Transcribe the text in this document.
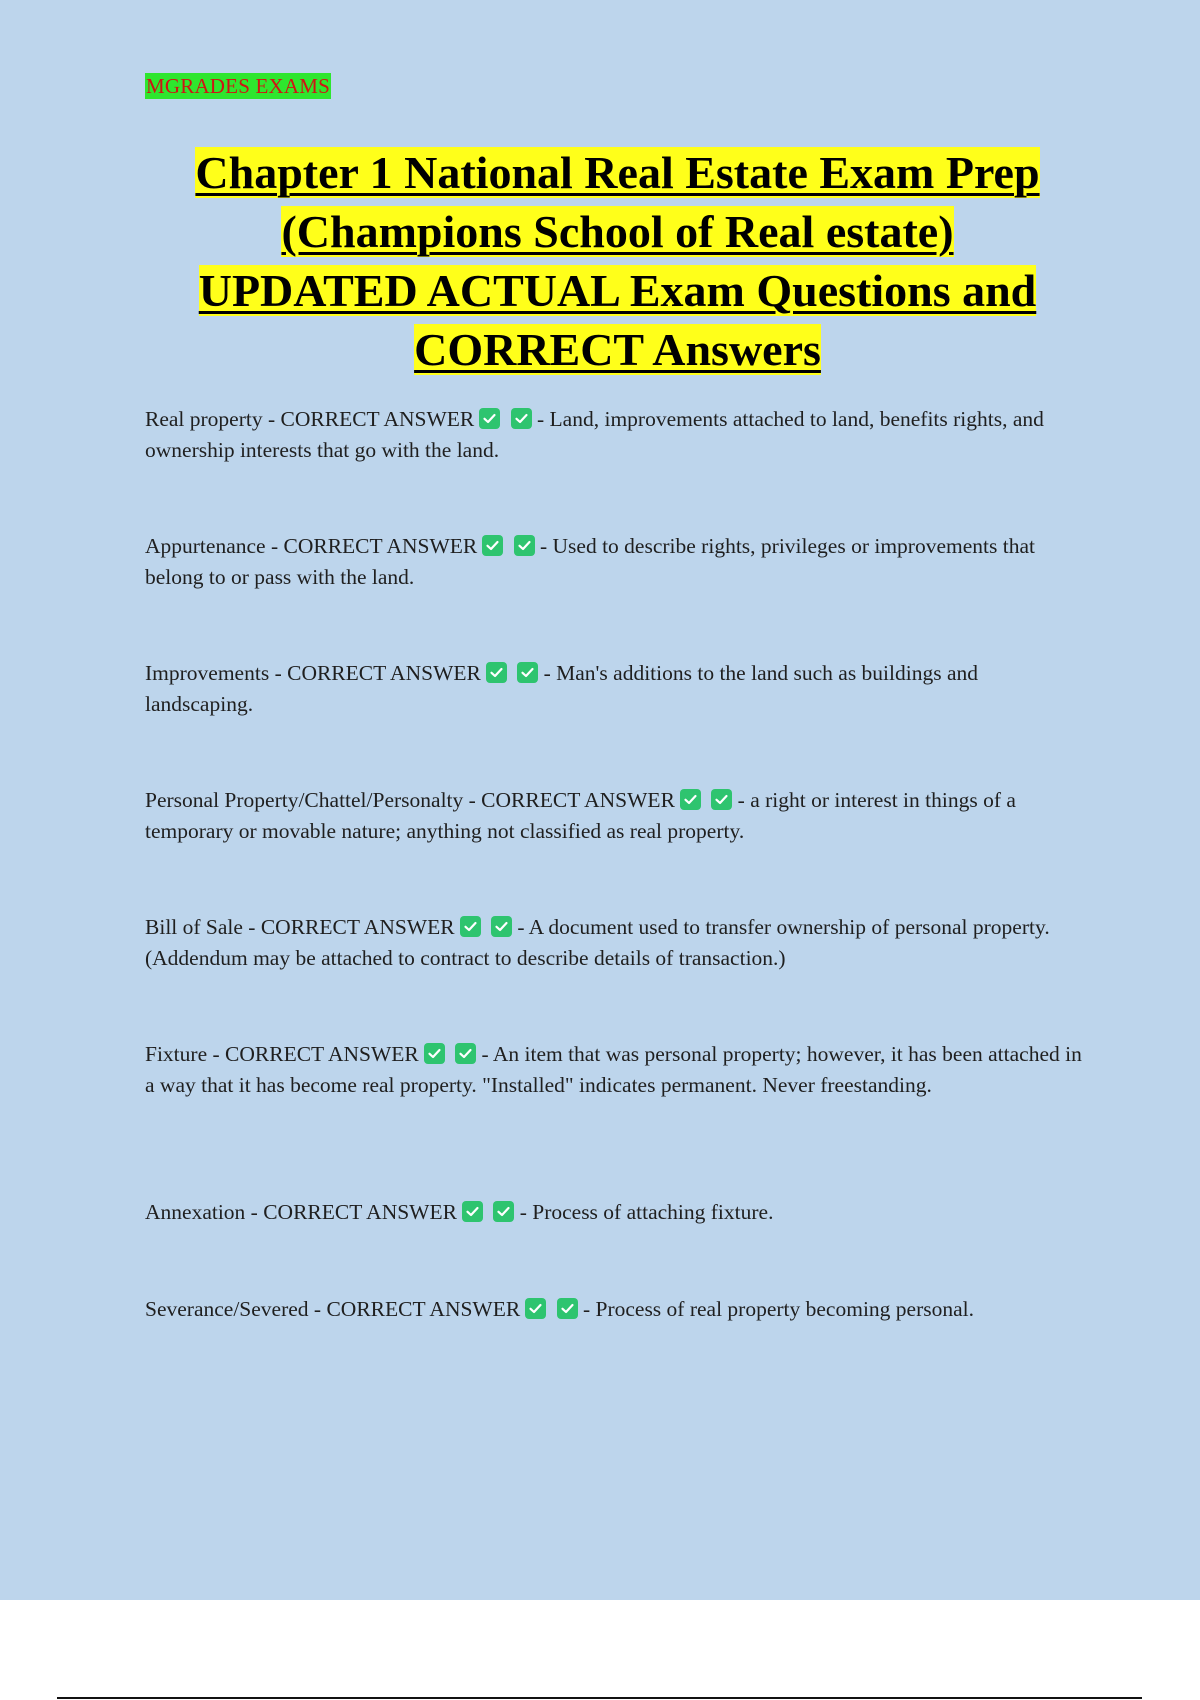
MGRADES EXAMS
Chapter 1 National Real Estate Exam Prep
(Champions School of Real estate)
UPDATED ACTUAL Exam Questions and
CORRECT Answers

Real property - CORRECT ANSWER
	- Land, improvements attached to land, benefits rights, and ownership interests that go with the land.

Appurtenance - CORRECT ANSWER
	- Used to describe rights, privileges or improvements that belong to or pass with the land.

Improvements - CORRECT ANSWER
	- Man's additions to the land such as buildings and landscaping.

Personal Property/Chattel/Personalty - CORRECT ANSWER
	- a right or interest in things of a temporary or movable nature; anything not classified as real property.

Bill of Sale - CORRECT ANSWER
	- A document used to transfer ownership of personal property. (Addendum may be attached to contract to describe details of transaction.)

Fixture - CORRECT ANSWER
	- An item that was personal property; however, it has been attached in a way that it has become real property. "Installed" indicates permanent. Never freestanding.

Annexation - CORRECT ANSWER
	- Process of attaching fixture.

Severance/Severed - CORRECT ANSWER
	- Process of real property becoming personal.
